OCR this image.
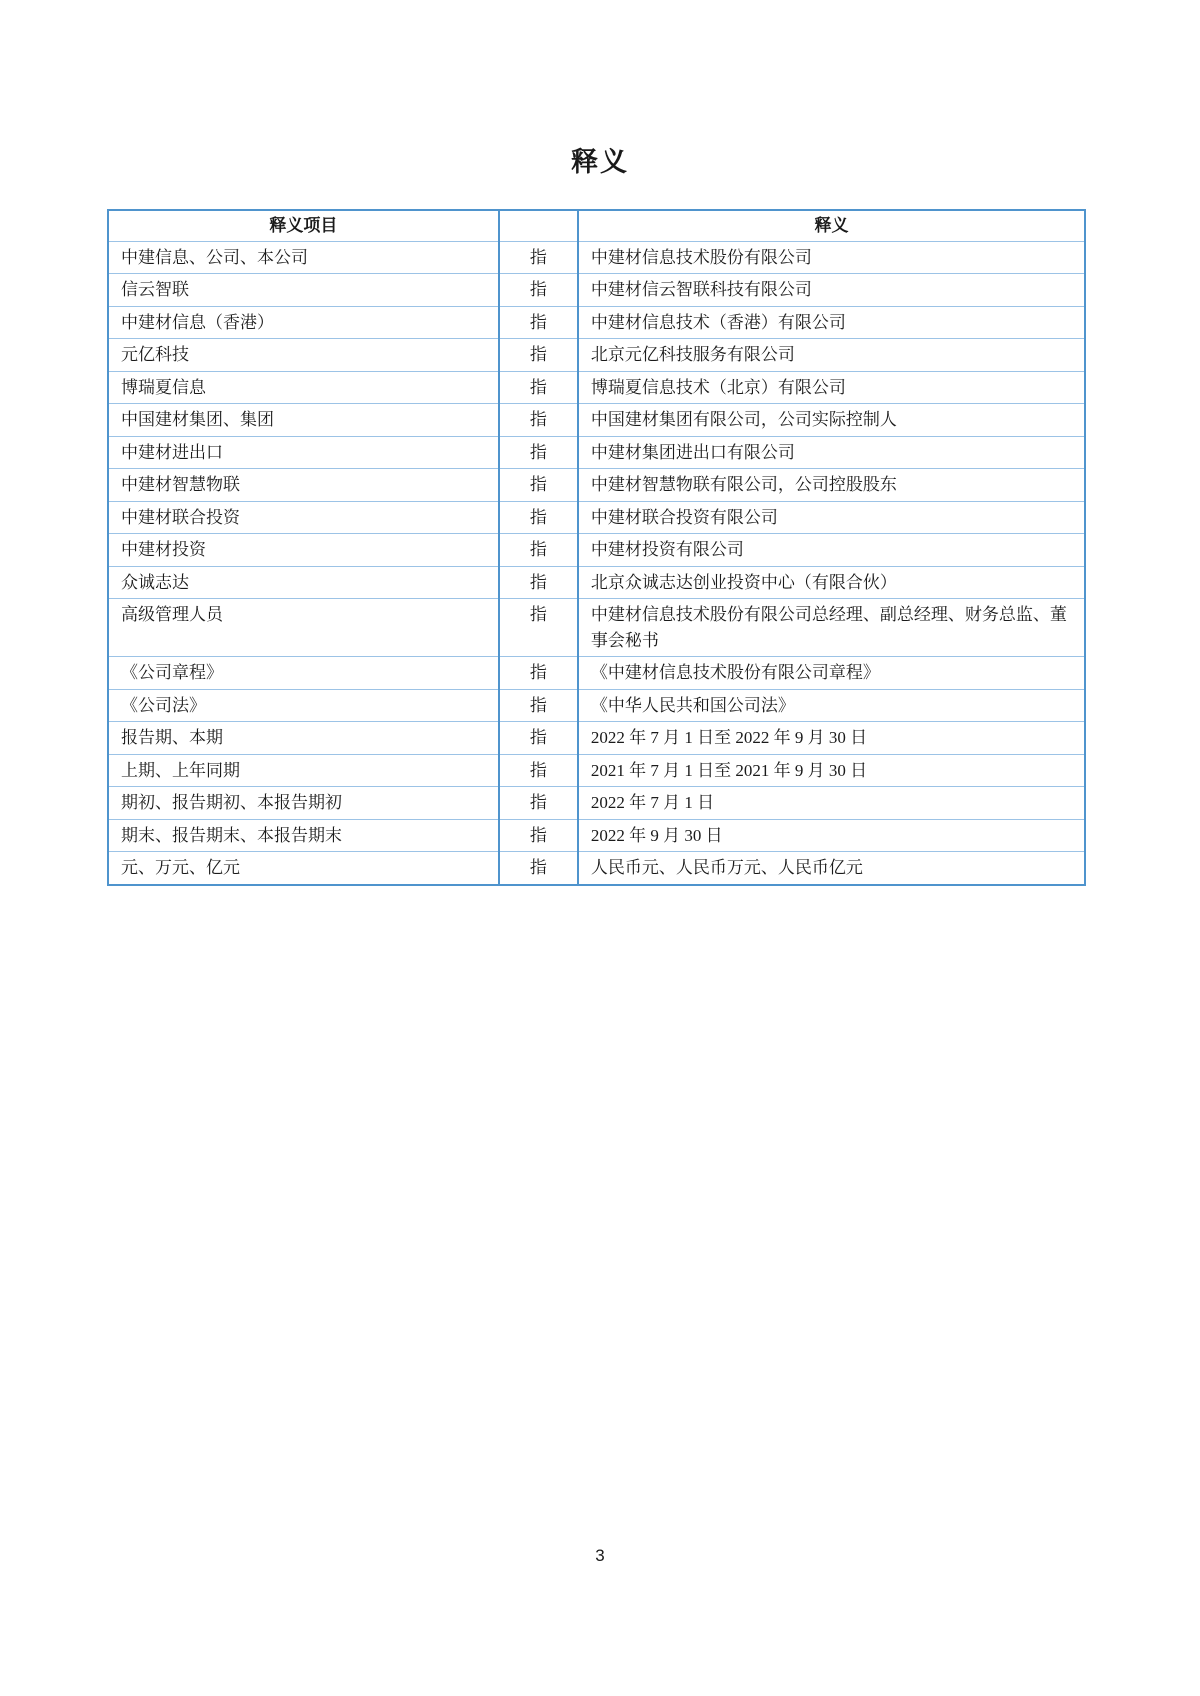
释义
释义项目		释义
中建信息、公司、本公司	指	中建材信息技术股份有限公司
信云智联	指	中建材信云智联科技有限公司
中建材信息（香港）	指	中建材信息技术（香港）有限公司
元亿科技	指	北京元亿科技服务有限公司
博瑞夏信息	指	博瑞夏信息技术（北京）有限公司
中国建材集团、集团	指	中国建材集团有限公司，公司实际控制人
中建材进出口	指	中建材集团进出口有限公司
中建材智慧物联	指	中建材智慧物联有限公司，公司控股股东
中建材联合投资	指	中建材联合投资有限公司
中建材投资	指	中建材投资有限公司
众诚志达	指	北京众诚志达创业投资中心（有限合伙）
高级管理人员	指	中建材信息技术股份有限公司总经理、副总经理、财务总监、董事会秘书
《公司章程》	指	《中建材信息技术股份有限公司章程》
《公司法》	指	《中华人民共和国公司法》
报告期、本期	指	2022 年 7 月 1 日至 2022 年 9 月 30 日
上期、上年同期	指	2021 年 7 月 1 日至 2021 年 9 月 30 日
期初、报告期初、本报告期初	指	2022 年 7 月 1 日
期末、报告期末、本报告期末	指	2022 年 9 月 30 日
元、万元、亿元	指	人民币元、人民币万元、人民币亿元
3
